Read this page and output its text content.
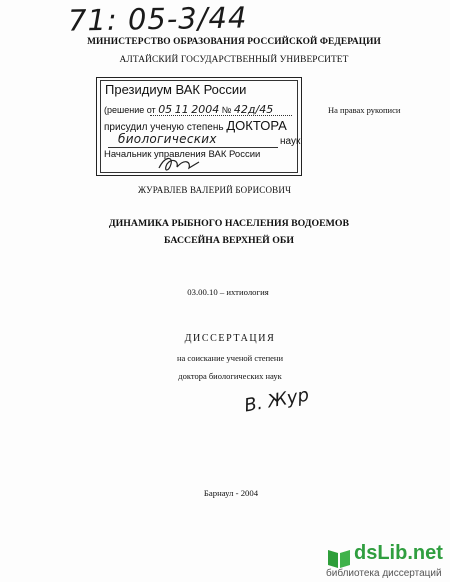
71: 05-3/44
МИНИСТЕРСТВО ОБРАЗОВАНИЯ РОССИЙСКОЙ ФЕДЕРАЦИИ
АЛТАЙСКИЙ ГОСУДАРСТВЕННЫЙ УНИВЕРСИТЕТ
Президиум ВАК России
(решение от 05 11 2004 № 42д/45
присудил ученую степень ДОКТОРА
биологических	наук
Начальник управления ВАК России
На правах рукописи
ЖУРАВЛЕВ ВАЛЕРИЙ БОРИСОВИЧ
ДИНАМИКА РЫБНОГО НАСЕЛЕНИЯ ВОДОЕМОВ
БАССЕЙНА ВЕРХНЕЙ ОБИ
03.00.10 – ихтиология
ДИССЕРТАЦИЯ
на соискание ученой степени
доктора биологических наук
В. Жур
Барнаул - 2004
dsLib.net
библиотека диссертаций
